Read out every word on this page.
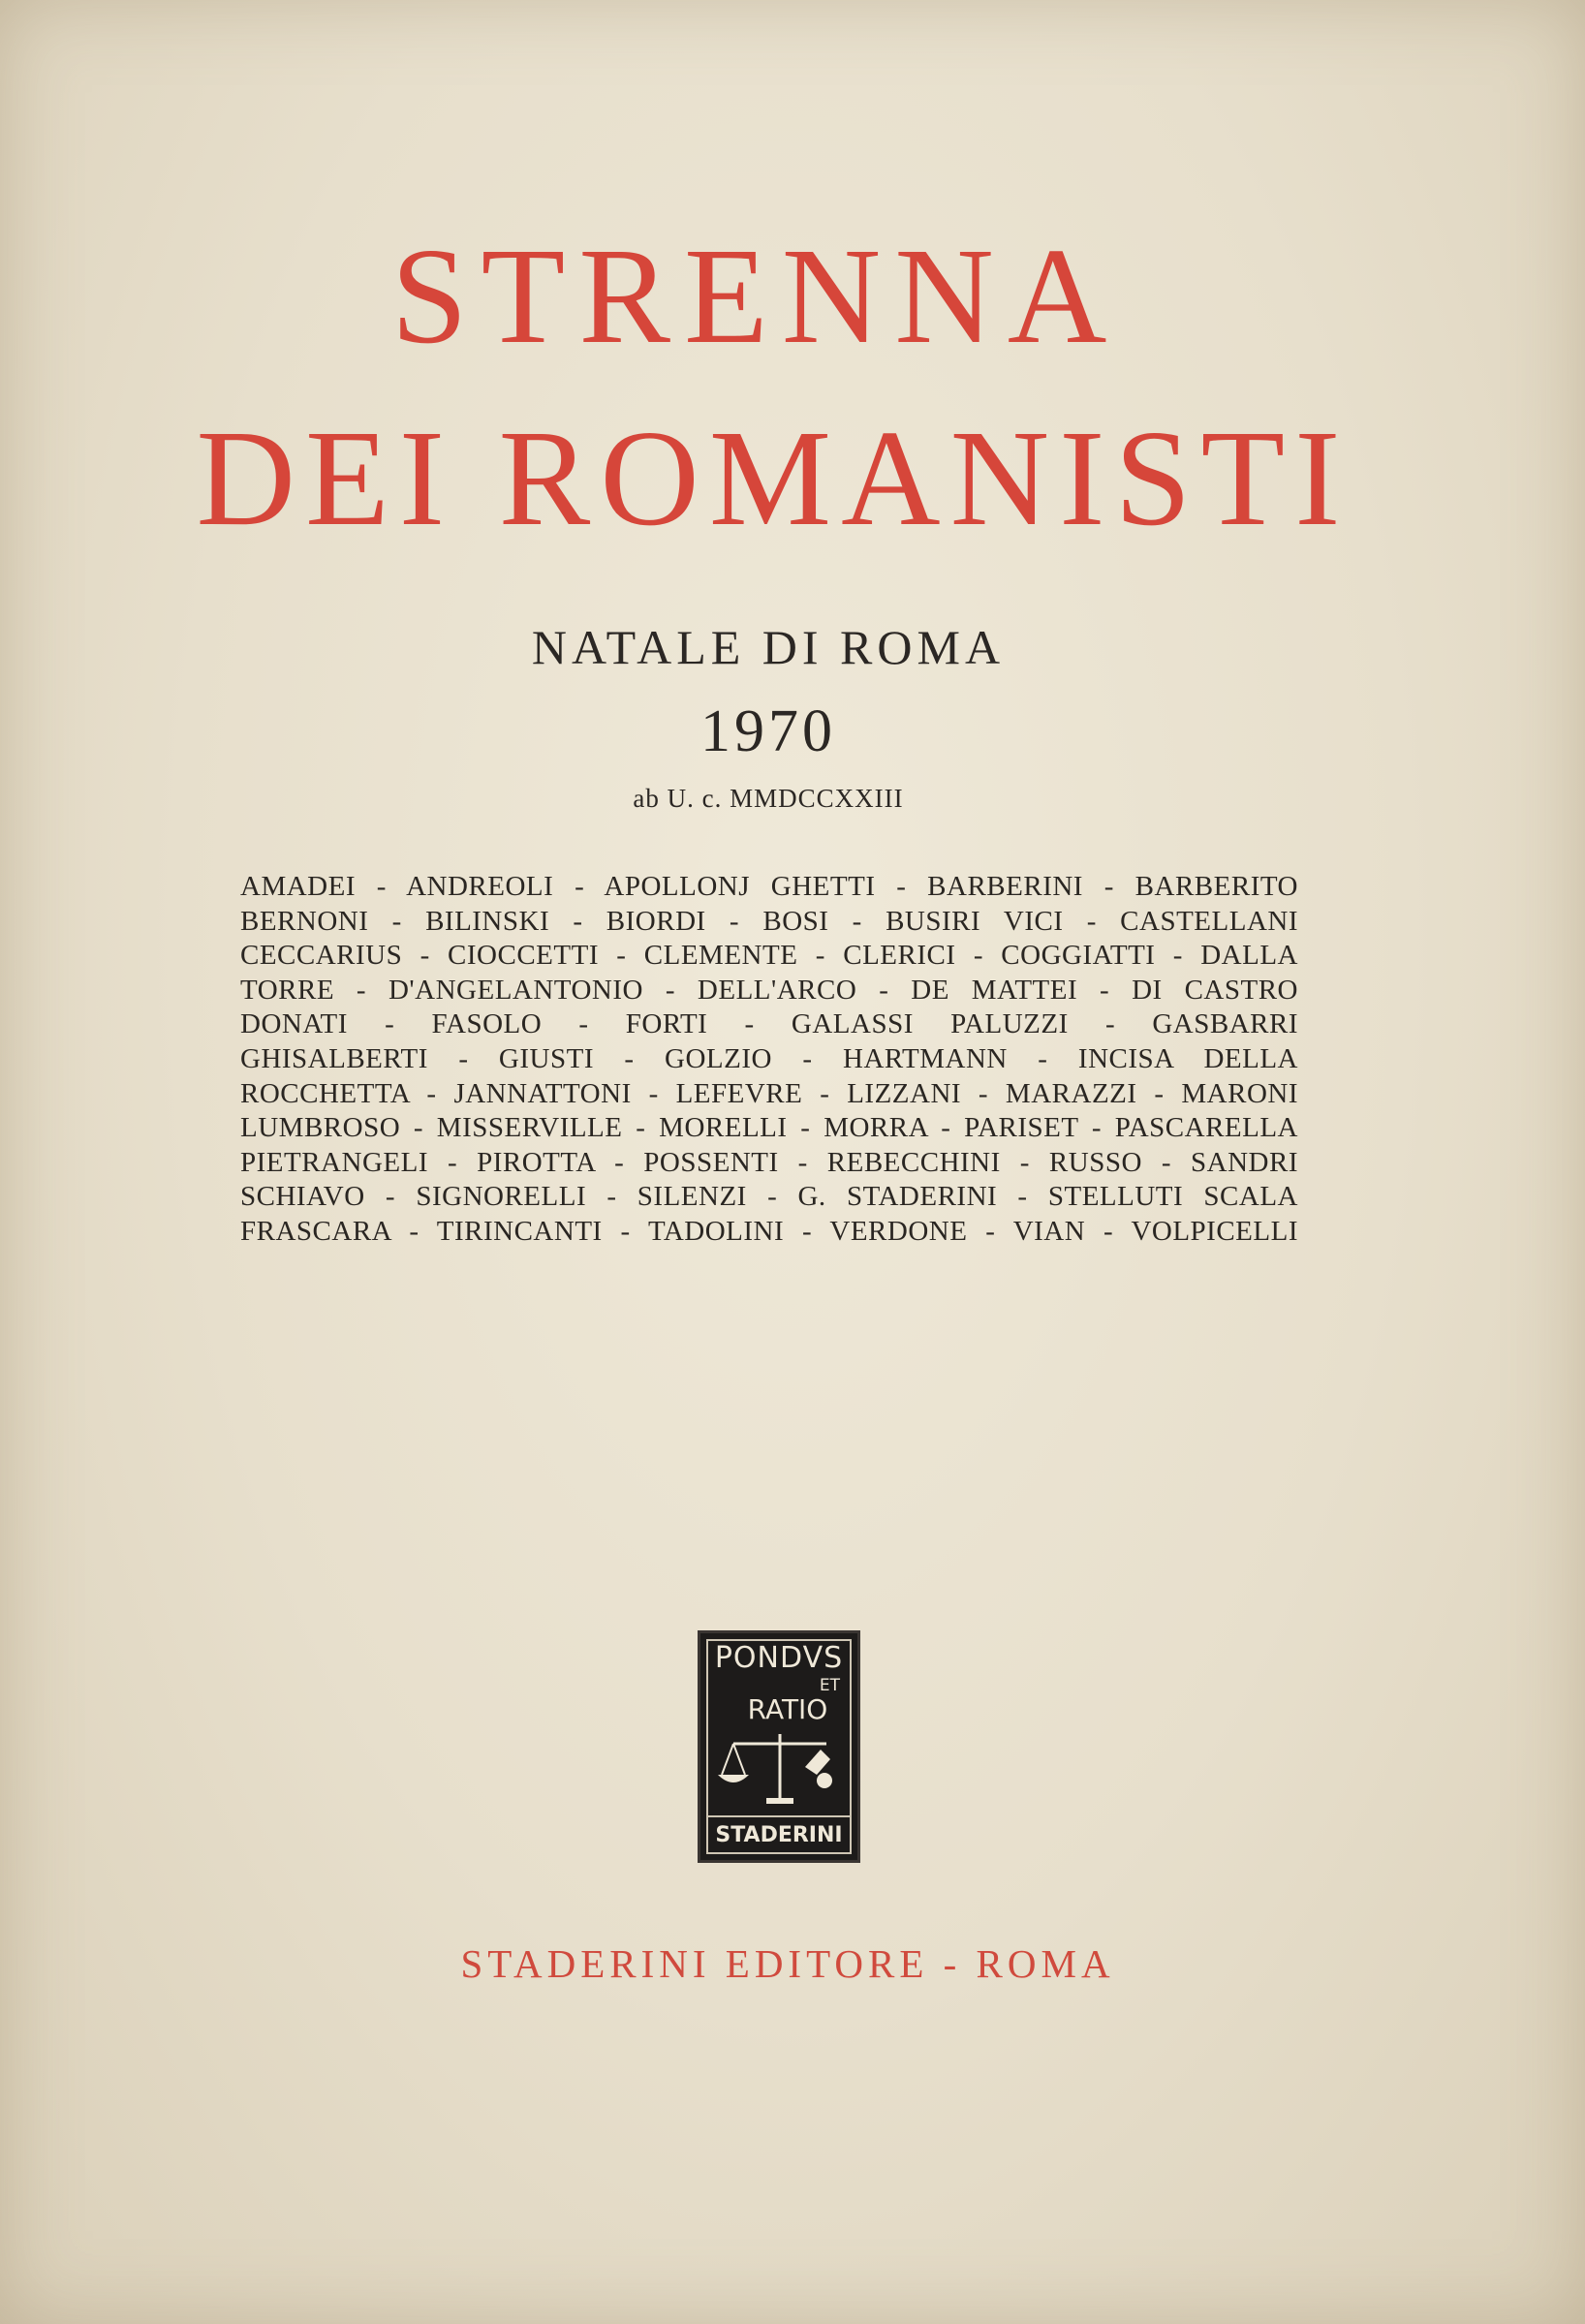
STRENNA
DEI ROMANISTI

NATALE DI ROMA

1970

ab U. c. MMDCCXXIII

AMADEI - ANDREOLI - APOLLONJ GHETTI - BARBERINI - BARBERITO
BERNONI - BILINSKI - BIORDI - BOSI - BUSIRI VICI - CASTELLANI
CECCARIUS - CIOCCETTI - CLEMENTE - CLERICI - COGGIATTI - DALLA
TORRE - D'ANGELANTONIO - DELL'ARCO - DE MATTEI - DI CASTRO
DONATI - FASOLO - FORTI - GALASSI PALUZZI - GASBARRI
GHISALBERTI - GIUSTI - GOLZIO - HARTMANN - INCISA DELLA
ROCCHETTA - JANNATTONI - LEFEVRE - LIZZANI - MARAZZI - MARONI
LUMBROSO - MISSERVILLE - MORELLI - MORRA - PARISET - PASCARELLA
PIETRANGELI - PIROTTA - POSSENTI - REBECCHINI - RUSSO - SANDRI
SCHIAVO - SIGNORELLI - SILENZI - G. STADERINI - STELLUTI SCALA
FRASCARA - TIRINCANTI - TADOLINI - VERDONE - VIAN - VOLPICELLI
PONDVS
ET
RATIO
STADERINI

STADERINI EDITORE - ROMA
